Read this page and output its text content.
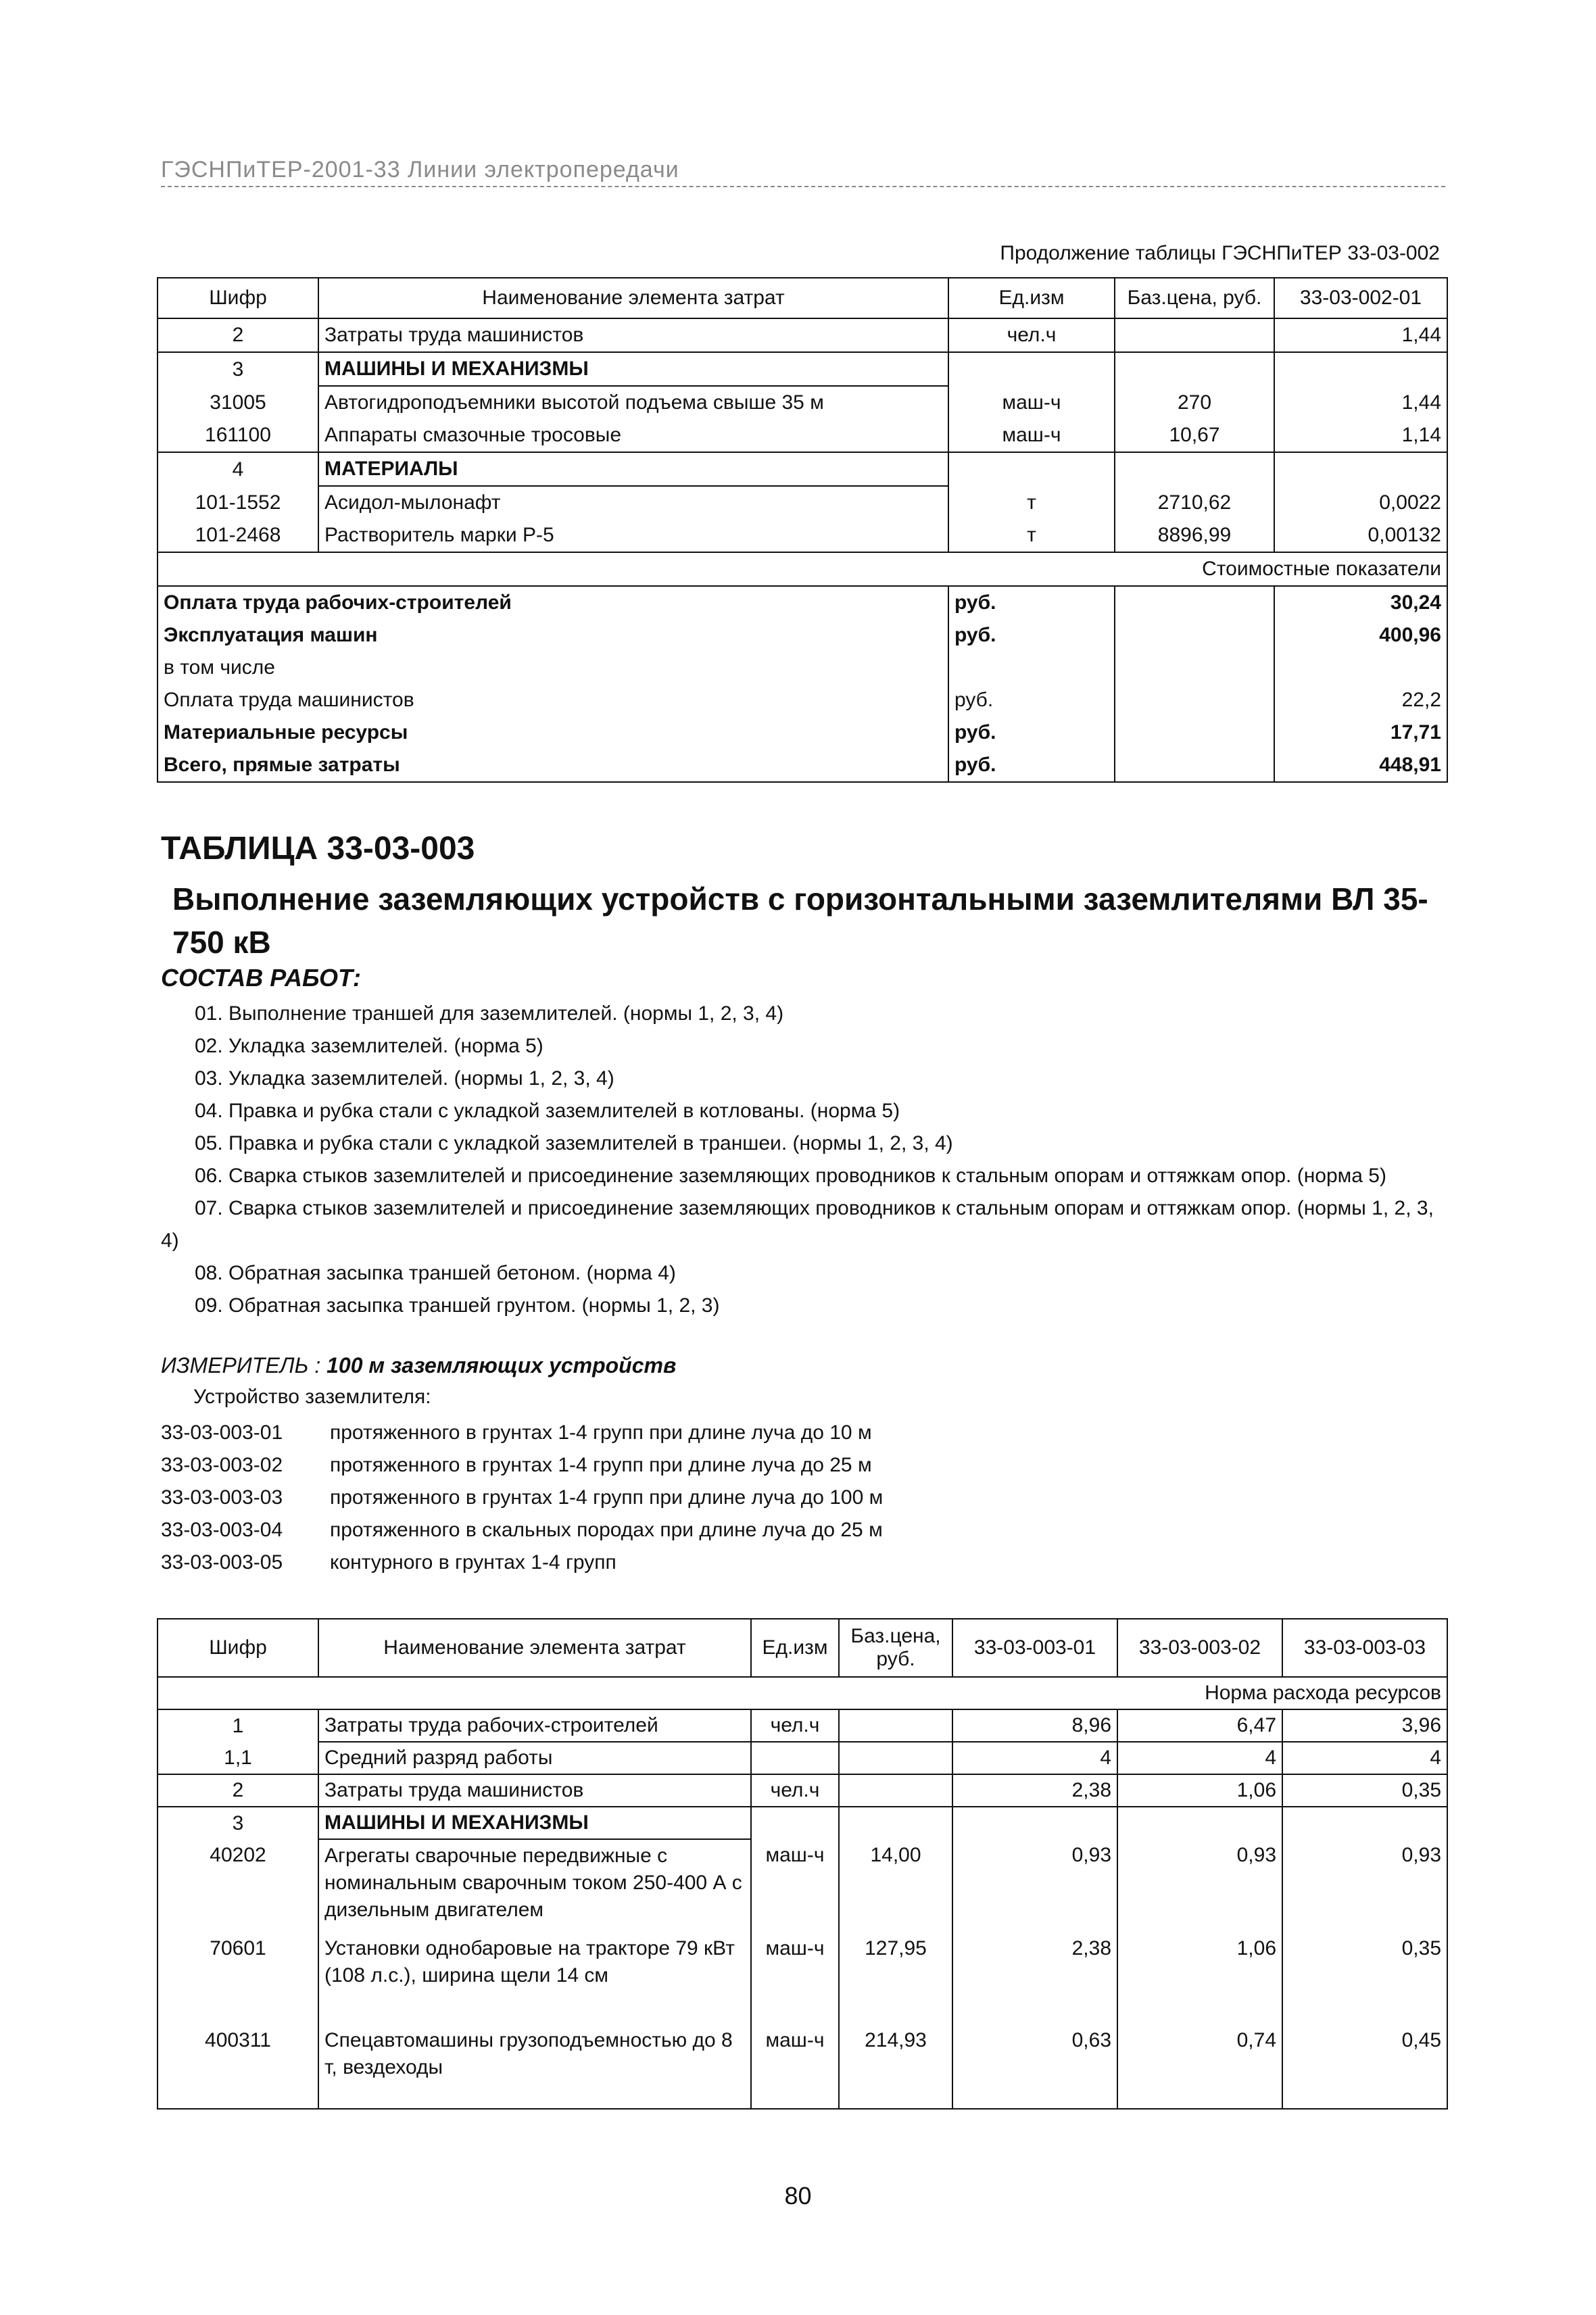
ГЭСНПиТЕР-2001-33 Линии электропередачи
Продолжение таблицы ГЭСНПиТЕР 33-03-002
Шифр	Наименование элемента затрат	Ед.изм	Баз.цена, руб.	33-03-002-01
2	Затраты труда машинистов	чел.ч		1,44
3	МАШИНЫ И МЕХАНИЗМЫ			
31005	Автогидроподъемники высотой подъема свыше 35 м	маш-ч	270	1,44
161100	Аппараты смазочные тросовые	маш-ч	10,67	1,14
4	МАТЕРИАЛЫ			
101-1552	Асидол-мылонафт	т	2710,62	0,0022
101-2468	Растворитель марки Р-5	т	8896,99	0,00132
Стоимостные показатели				
Оплата труда рабочих-строителей		руб.		30,24
Эксплуатация машин		руб.		400,96
в том числе				
Оплата труда машинистов		руб.		22,2
Материальные ресурсы		руб.		17,71
Всего, прямые затраты		руб.		448,91
ТАБЛИЦА 33-03-003
Выполнение заземляющих устройств с горизонтальными заземлителями ВЛ 35-750 кВ
СОСТАВ РАБОТ:
01. Выполнение траншей для заземлителей. (нормы 1, 2, 3, 4)
02. Укладка заземлителей. (норма 5)
03. Укладка заземлителей. (нормы 1, 2, 3, 4)
04. Правка и рубка стали с укладкой заземлителей в котлованы. (норма 5)
05. Правка и рубка стали с укладкой заземлителей в траншеи. (нормы 1, 2, 3, 4)
06. Сварка стыков заземлителей и присоединение заземляющих проводников к стальным опорам и оттяжкам опор. (норма 5)
07. Сварка стыков заземлителей и присоединение заземляющих проводников к стальным опорам и оттяжкам опор. (нормы 1, 2, 3, 4)
08. Обратная засыпка траншей бетоном. (норма 4)
09. Обратная засыпка траншей грунтом. (нормы 1, 2, 3)
ИЗМЕРИТЕЛЬ : 100 м заземляющих устройств
Устройство заземлителя:
33-03-003-01 протяженного в грунтах 1-4 групп при длине луча до 10 м
33-03-003-02 протяженного в грунтах 1-4 групп при длине луча до 25 м
33-03-003-03 протяженного в грунтах 1-4 групп при длине луча до 100 м
33-03-003-04 протяженного в скальных породах при длине луча до 25 м
33-03-003-05 контурного в грунтах 1-4 групп
Шифр	Наименование элемента затрат	Ед.изм	Баз.цена, руб.	33-03-003-01	33-03-003-02	33-03-003-03
Норма расхода ресурсов						
1	Затраты труда рабочих-строителей	чел.ч		8,96	6,47	3,96
1,1	Средний разряд работы			4	4	4
2	Затраты труда машинистов	чел.ч		2,38	1,06	0,35
3	МАШИНЫ И МЕХАНИЗМЫ					
40202	Агрегаты сварочные передвижные с номинальным сварочным током 250-400 А с дизельным двигателем	маш-ч	14,00	0,93	0,93	0,93
70601	Установки однобаровые на тракторе 79 кВт (108 л.с.), ширина щели 14 см	маш-ч	127,95	2,38	1,06	0,35
400311	Спецавтомашины грузоподъемностью до 8 т, вездеходы	маш-ч	214,93	0,63	0,74	0,45
80
